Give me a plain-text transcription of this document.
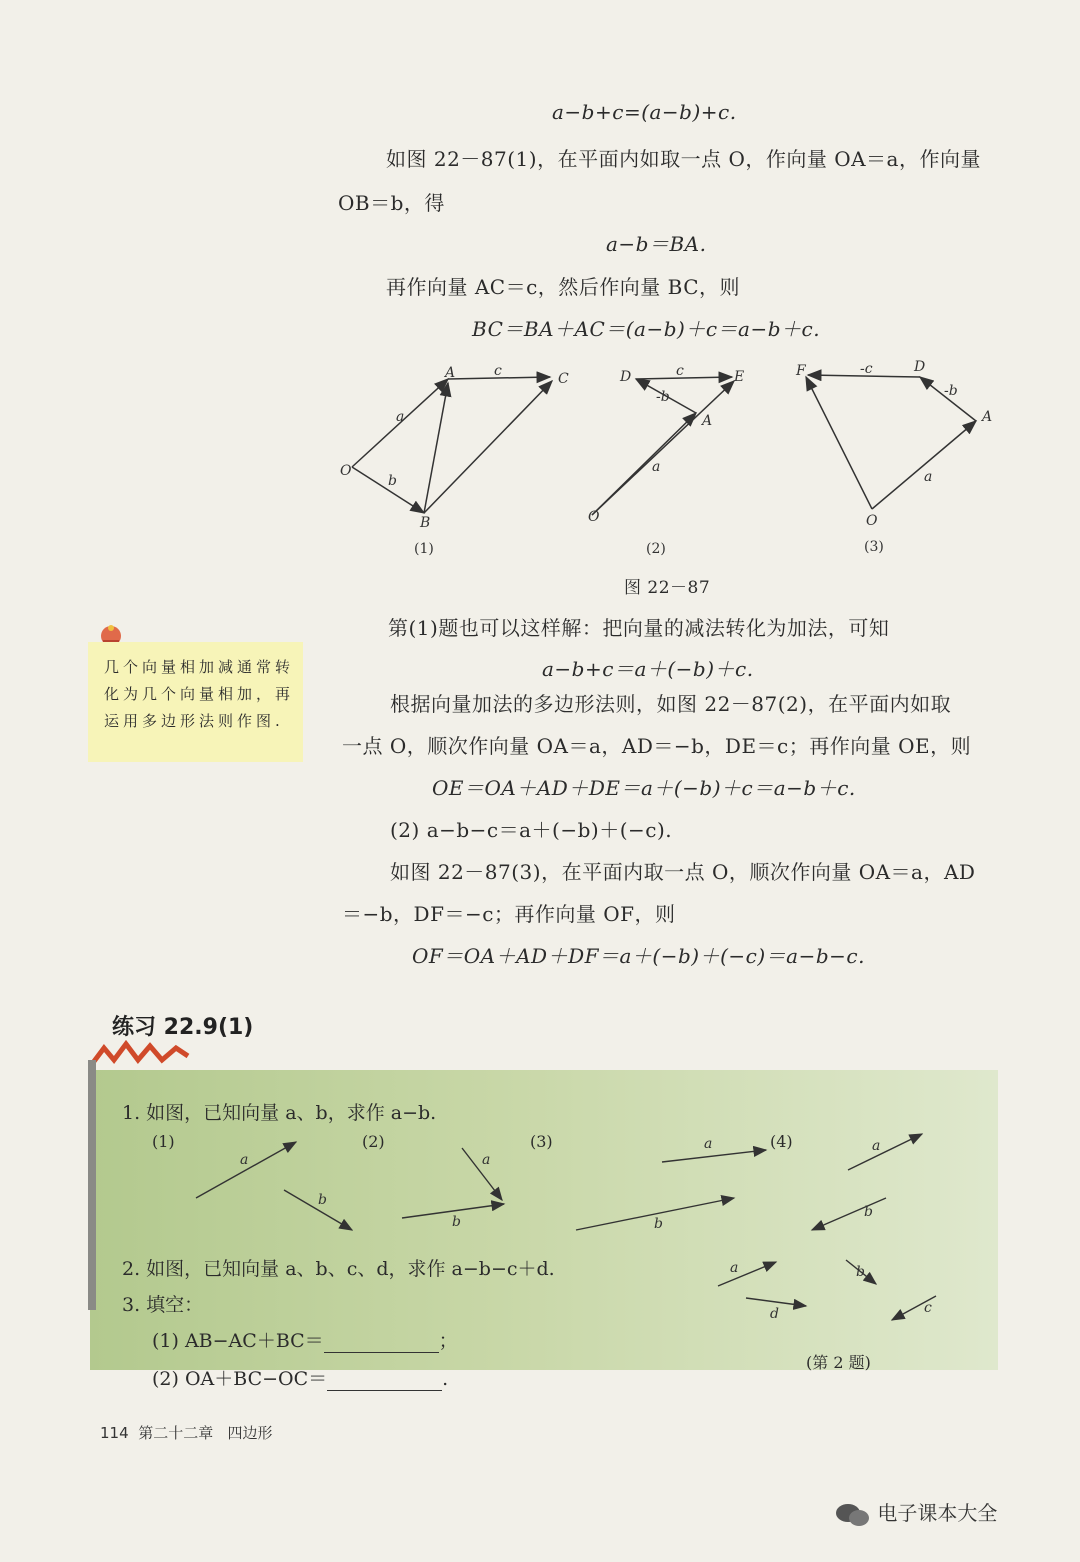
a−b+c=(a−b)+c.
如图 22－87(1)，在平面内如取一点 O，作向量 OA＝a，作向量
OB＝b，得
a−b＝BA.
再作向量 AC＝c，然后作向量 BC，则
BC＝BA＋AC＝(a−b)＋c＝a−b＋c.
A	C
O
B
a
b
c
(1)
D	E
A
O
c
-b
a
(2)
F	D
A
O
-c
-b
a
(3)
图 22－87
几个向量相加减通常转化为几个向量相加，再运用多边形法则作图.
第(1)题也可以这样解：把向量的减法转化为加法，可知
a−b+c＝a＋(−b)＋c.
根据向量加法的多边形法则，如图 22－87(2)，在平面内如取
一点 O，顺次作向量 OA＝a，AD＝−b，DE＝c；再作向量 OE，则
OE＝OA＋AD＋DE＝a＋(−b)＋c＝a−b＋c.
(2) a−b−c＝a＋(−b)＋(−c).
如图 22－87(3)，在平面内取一点 O，顺次作向量 OA＝a，AD
＝−b，DF＝−c；再作向量 OF，则
OF＝OA＋AD＋DF＝a＋(−b)＋(−c)＝a−b−c.
练习 22.9(1)
1. 如图，已知向量 a、b，求作 a−b.
(1)	(2)	(3)	(4)
a
b
a
b
a
b
a
b
a	b
d	c
2. 如图，已知向量 a、b、c、d，求作 a−b−c＋d.
3. 填空：
(1) AB−AC＋BC＝	；
(2) OA＋BC−OC＝	.
(第 2 题)
114 第二十二章 四边形
电子课本大全
